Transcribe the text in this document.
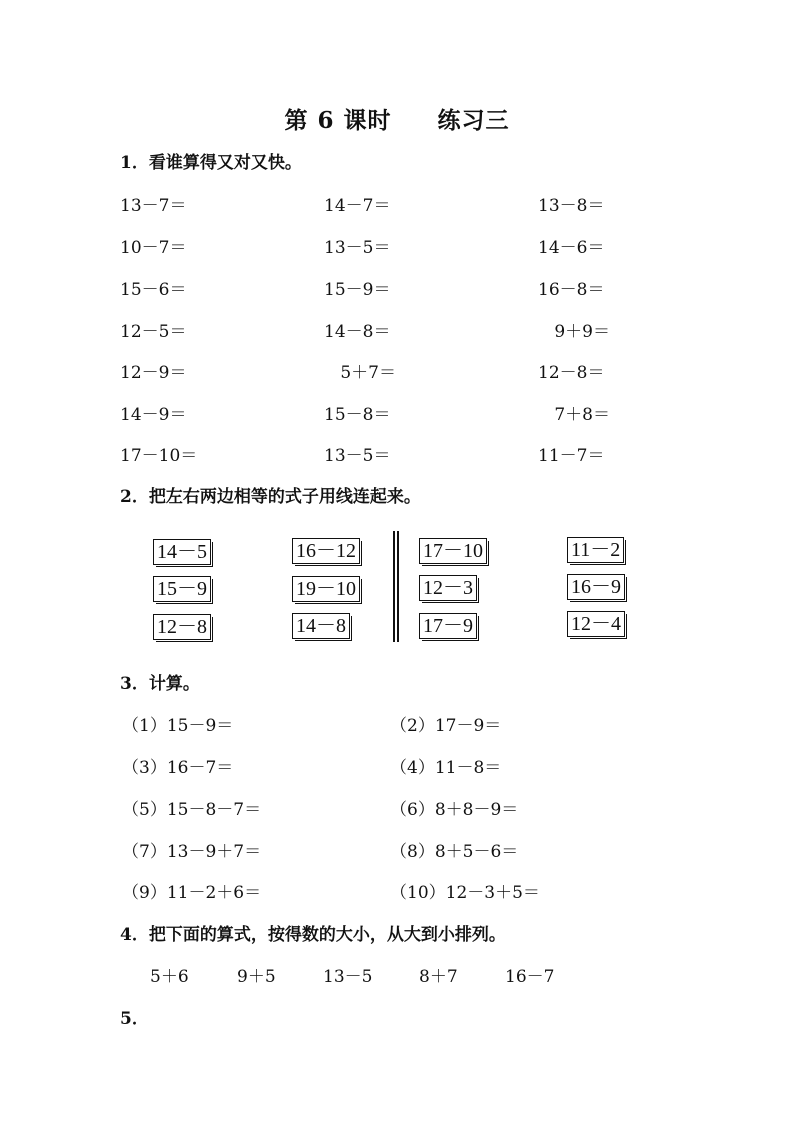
第 6 课时 练习三
1．看谁算得又对又快。
13－7＝	14－7＝	13－8＝
10－7＝	13－5＝	14－6＝
15－6＝	15－9＝	16－8＝
12－5＝	14－8＝	9＋9＝
12－9＝	5＋7＝	12－8＝
14－9＝	15－8＝	7＋8＝
17－10＝	13－5＝	11－7＝
2．把左右两边相等的式子用线连起来。
14－5
15－9
12－8
16－12
19－10
14－8
17－10
12－3
17－9
11－2
16－9
12－4
3．计算。
（1）15－9＝	（2）17－9＝
（3）16－7＝	（4）11－8＝
（5）15－8－7＝	（6）8＋8－9＝
（7）13－9＋7＝	（8）8＋5－6＝
（9）11－2＋6＝	（10）12－3＋5＝
4．把下面的算式，按得数的大小，从大到小排列。
5＋6	9＋5	13－5	8＋7	16－7
5．
